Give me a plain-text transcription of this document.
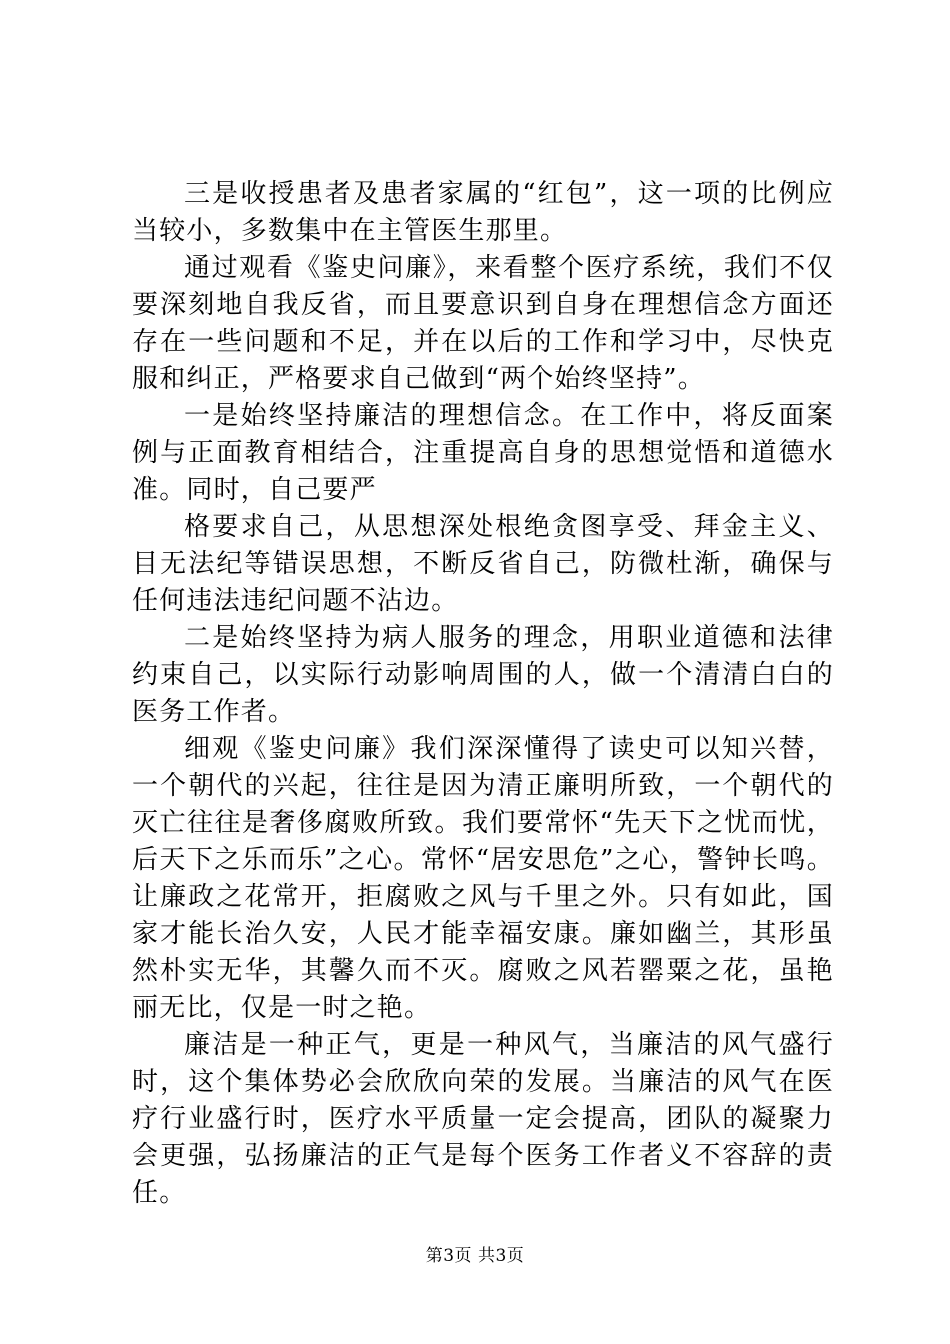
三是收授患者及患者家属的“红包”，这一项的比例应当较小，多数集中在主管医生那里。

通过观看《鉴史问廉》，来看整个医疗系统，我们不仅要深刻地自我反省，而且要意识到自身在理想信念方面还存在一些问题和不足，并在以后的工作和学习中，尽快克服和纠正，严格要求自己做到“两个始终坚持”。

一是始终坚持廉洁的理想信念。在工作中，将反面案例与正面教育相结合，注重提高自身的思想觉悟和道德水准。同时，自己要严

格要求自己，从思想深处根绝贪图享受、拜金主义、目无法纪等错误思想，不断反省自己，防微杜渐，确保与任何违法违纪问题不沾边。

二是始终坚持为病人服务的理念，用职业道德和法律约束自己，以实际行动影响周围的人，做一个清清白白的医务工作者。

细观《鉴史问廉》我们深深懂得了读史可以知兴替，一个朝代的兴起，往往是因为清正廉明所致，一个朝代的灭亡往往是奢侈腐败所致。我们要常怀“先天下之忧而忧，后天下之乐而乐”之心。常怀“居安思危”之心，警钟长鸣。让廉政之花常开，拒腐败之风与千里之外。只有如此，国家才能长治久安，人民才能幸福安康。廉如幽兰，其形虽然朴实无华，其馨久而不灭。腐败之风若罂粟之花，虽艳丽无比，仅是一时之艳。

廉洁是一种正气，更是一种风气，当廉洁的风气盛行时，这个集体势必会欣欣向荣的发展。当廉洁的风气在医疗行业盛行时，医疗水平质量一定会提高，团队的凝聚力会更强，弘扬廉洁的正气是每个医务工作者义不容辞的责任。

第3页 共3页
